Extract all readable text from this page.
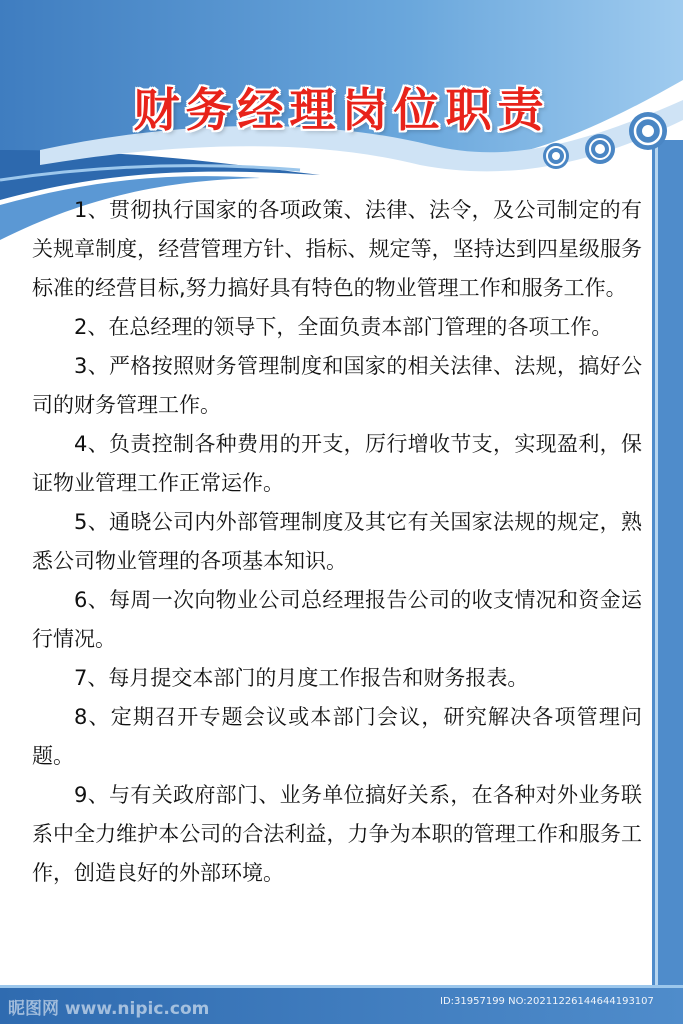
财务经理岗位职责

1、贯彻执行国家的各项政策、法律、法令，及公司制定的有关规章制度，经营管理方针、指标、规定等，坚持达到四星级服务标准的经营目标,努力搞好具有特色的物业管理工作和服务工作。

2、在总经理的领导下，全面负责本部门管理的各项工作。

3、严格按照财务管理制度和国家的相关法律、法规，搞好公司的财务管理工作。

4、负责控制各种费用的开支，厉行增收节支，实现盈利，保证物业管理工作正常运作。

5、通晓公司内外部管理制度及其它有关国家法规的规定，熟悉公司物业管理的各项基本知识。

6、每周一次向物业公司总经理报告公司的收支情况和资金运行情况。

7、每月提交本部门的月度工作报告和财务报表。

8、定期召开专题会议或本部门会议，研究解决各项管理问题。

9、与有关政府部门、业务单位搞好关系，在各种对外业务联系中全力维护本公司的合法利益，力争为本职的管理工作和服务工作，创造良好的外部环境。

昵图网 www.nipic.com	ID:31957199 NO:20211226144644193107
